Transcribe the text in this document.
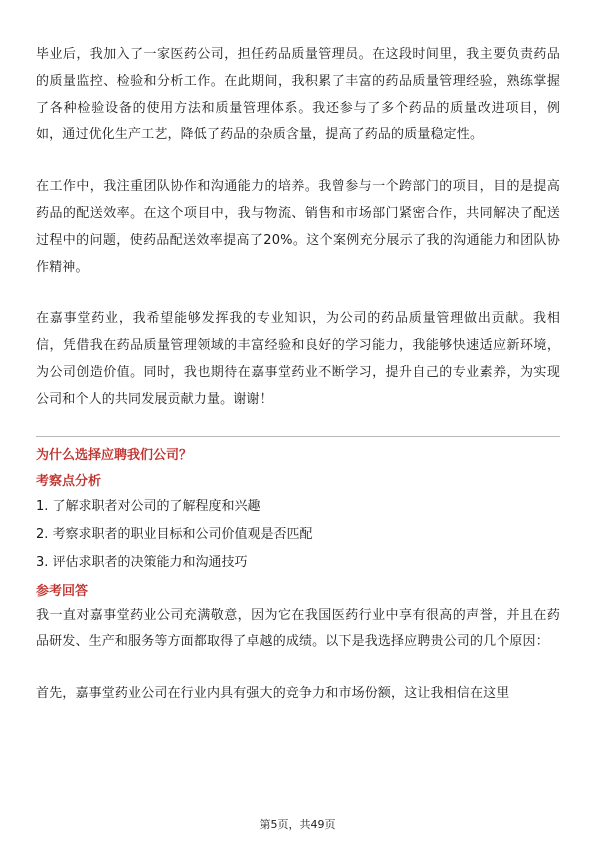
毕业后，我加入了一家医药公司，担任药品质量管理员。在这段时间里，我主要负责药品的质量监控、检验和分析工作。在此期间，我积累了丰富的药品质量管理经验，熟练掌握了各种检验设备的使用方法和质量管理体系。我还参与了多个药品的质量改进项目，例如，通过优化生产工艺，降低了药品的杂质含量，提高了药品的质量稳定性。

在工作中，我注重团队协作和沟通能力的培养。我曾参与一个跨部门的项目，目的是提高药品的配送效率。在这个项目中，我与物流、销售和市场部门紧密合作，共同解决了配送过程中的问题，使药品配送效率提高了20%。这个案例充分展示了我的沟通能力和团队协作精神。

在嘉事堂药业，我希望能够发挥我的专业知识，为公司的药品质量管理做出贡献。我相信，凭借我在药品质量管理领域的丰富经验和良好的学习能力，我能够快速适应新环境，为公司创造价值。同时，我也期待在嘉事堂药业不断学习，提升自己的专业素养，为实现公司和个人的共同发展贡献力量。谢谢！

为什么选择应聘我们公司？
考察点分析
1. 了解求职者对公司的了解程度和兴趣
2. 考察求职者的职业目标和公司价值观是否匹配
3. 评估求职者的决策能力和沟通技巧
参考回答

我一直对嘉事堂药业公司充满敬意，因为它在我国医药行业中享有很高的声誉，并且在药品研发、生产和服务等方面都取得了卓越的成绩。以下是我选择应聘贵公司的几个原因：

首先，嘉事堂药业公司在行业内具有强大的竞争力和市场份额，这让我相信在这里

第5页，共49页
